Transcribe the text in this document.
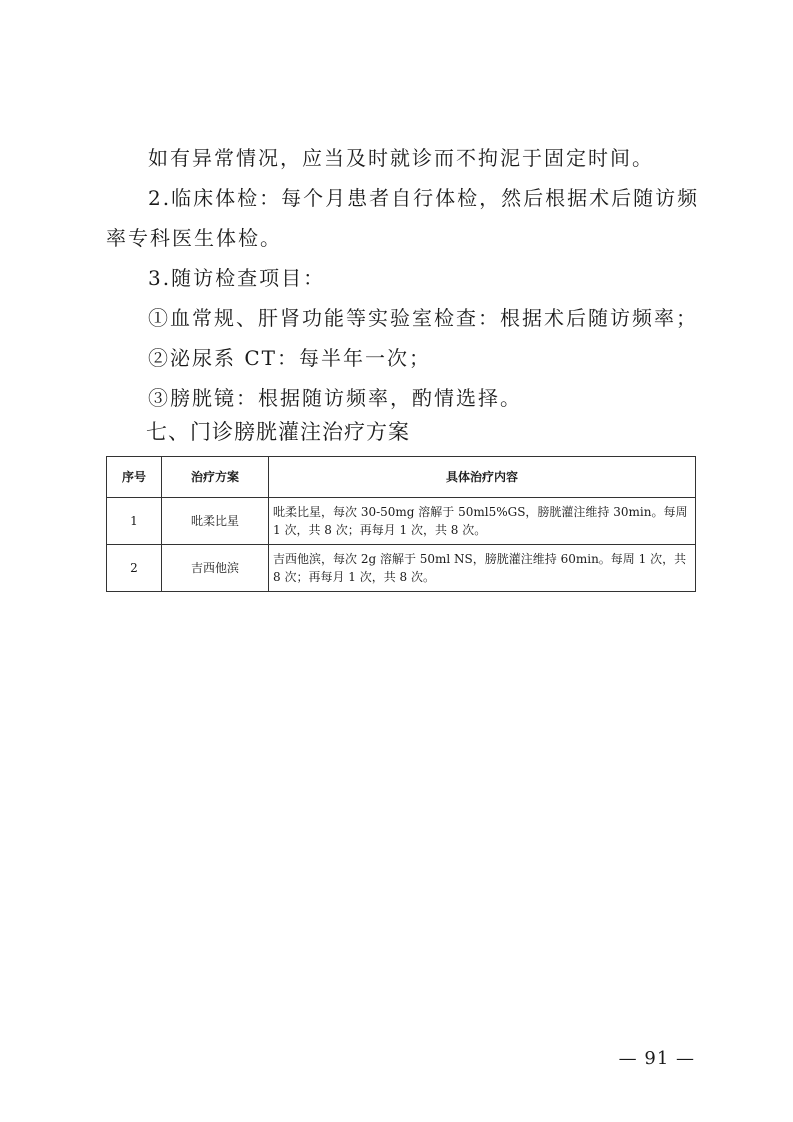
如有异常情况，应当及时就诊而不拘泥于固定时间。

2.临床体检：每个月患者自行体检，然后根据术后随访频

率专科医生体检。

3.随访检查项目：

①血常规、肝肾功能等实验室检查：根据术后随访频率；

②泌尿系 CT：每半年一次；

③膀胱镜：根据随访频率，酌情选择。

七、门诊膀胱灌注治疗方案
序号	治疗方案	具体治疗内容
1	吡柔比星	吡柔比星，每次 30-50mg 溶解于 50ml5%GS，膀胱灌注维持 30min。每周 1 次，共 8 次；再每月 1 次，共 8 次。
2	吉西他滨	吉西他滨，每次 2g 溶解于 50ml NS，膀胱灌注维持 60min。每周 1 次，共 8 次；再每月 1 次，共 8 次。

— 91 —
